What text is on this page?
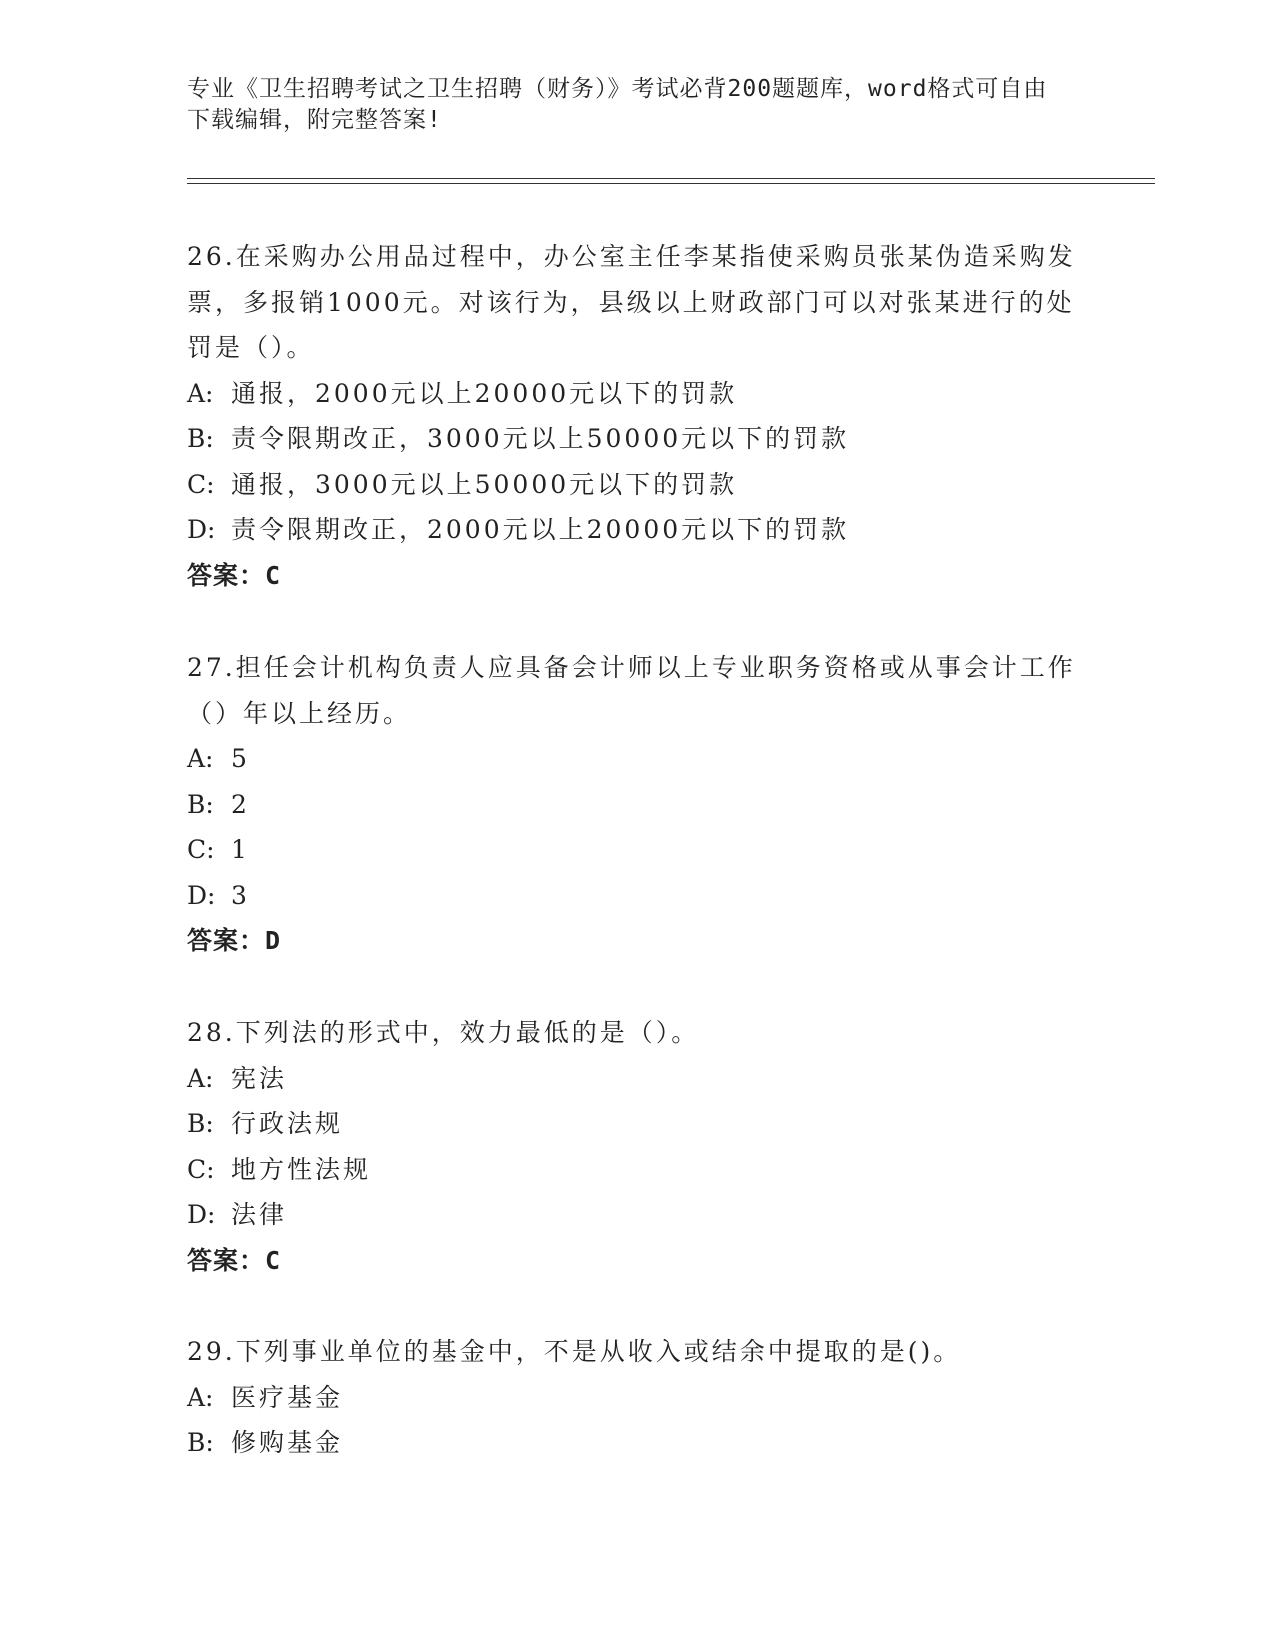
专业《卫生招聘考试之卫生招聘（财务）》考试必背200题题库，word格式可自由下载编辑，附完整答案!

26.在采购办公用品过程中，办公室主任李某指使采购员张某伪造采购发票，多报销1000元。对该行为，县级以上财政部门可以对张某进行的处罚是（）。

A: 通报，2000元以上20000元以下的罚款

B: 责令限期改正，3000元以上50000元以下的罚款

C: 通报，3000元以上50000元以下的罚款

D: 责令限期改正，2000元以上20000元以下的罚款

答案：C

27.担任会计机构负责人应具备会计师以上专业职务资格或从事会计工作（）年以上经历。

A: 5

B: 2

C: 1

D: 3

答案：D

28.下列法的形式中，效力最低的是（）。

A: 宪法

B: 行政法规

C: 地方性法规

D: 法律

答案：C

29.下列事业单位的基金中，不是从收入或结余中提取的是()。

A: 医疗基金

B: 修购基金
